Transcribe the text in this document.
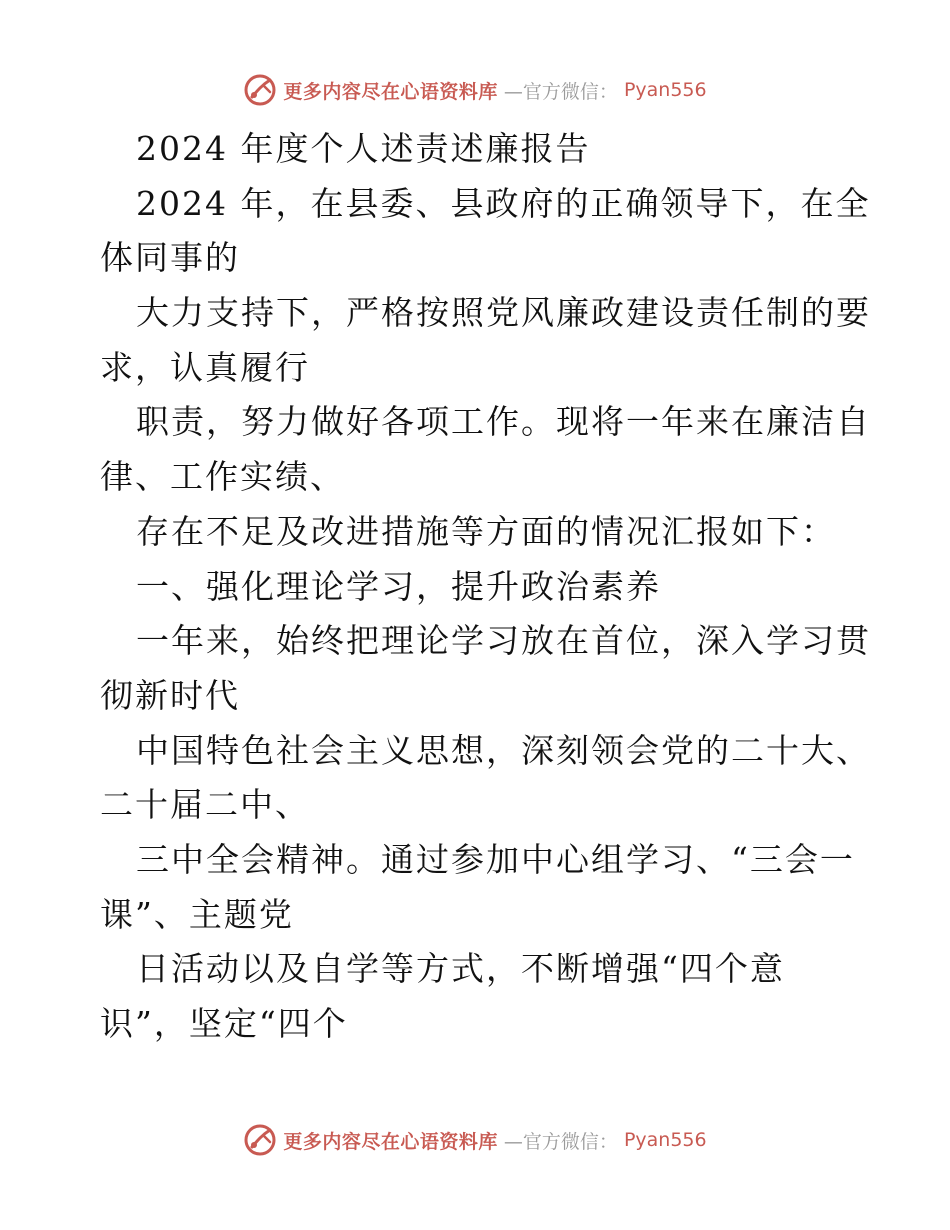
更多内容尽在心语资料库 —官方微信： Pyan556
2024 年度个人述责述廉报告
2024 年，在县委、县政府的正确领导下，在全
体同事的
大力支持下，严格按照党风廉政建设责任制的要
求，认真履行
职责，努力做好各项工作。现将一年来在廉洁自
律、工作实绩、
存在不足及改进措施等方面的情况汇报如下：
一、强化理论学习，提升政治素养
一年来，始终把理论学习放在首位，深入学习贯
彻新时代
中国特色社会主义思想，深刻领会党的二十大、
二十届二中、
三中全会精神。通过参加中心组学习、“三会一
课”、主题党
日活动以及自学等方式，不断增强“四个意
识”，坚定“四个
更多内容尽在心语资料库 —官方微信： Pyan556
